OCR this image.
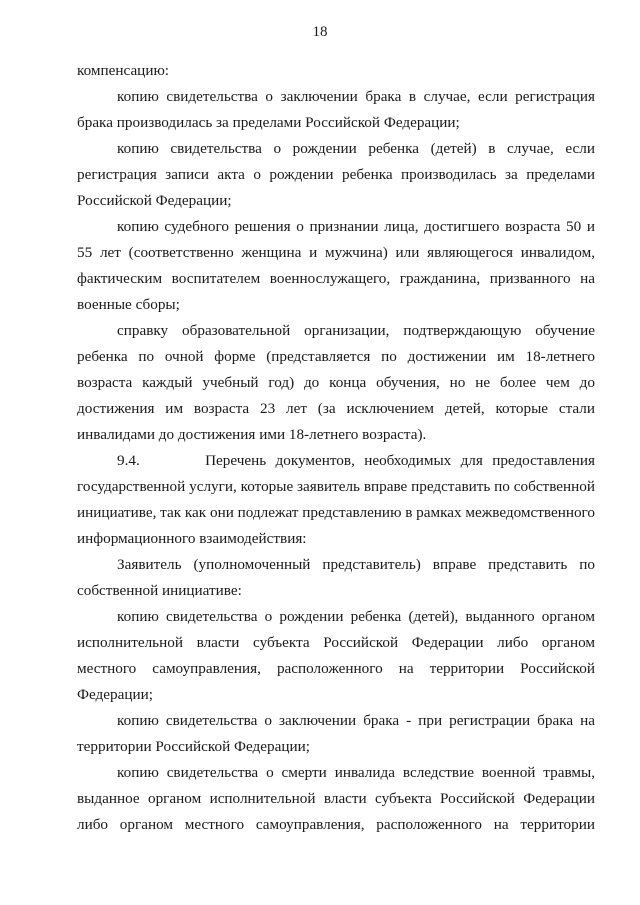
18

компенсацию:

копию свидетельства о заключении брака в случае, если регистрация брака производилась за пределами Российской Федерации;

копию свидетельства о рождении ребенка (детей) в случае, если регистрация записи акта о рождении ребенка производилась за пределами Российской Федерации;

копию судебного решения о признании лица, достигшего возраста 50 и 55 лет (соответственно женщина и мужчина) или являющегося инвалидом, фактическим воспитателем военнослужащего, гражданина, призванного на военные сборы;

справку образовательной организации, подтверждающую обучение ребенка по очной форме (представляется по достижении им 18-летнего возраста каждый учебный год) до конца обучения, но не более чем до достижения им возраста 23 лет (за исключением детей, которые стали инвалидами до достижения ими 18-летнего возраста).

9.4.       Перечень документов, необходимых для предоставления государственной услуги, которые заявитель вправе представить по собственной инициативе, так как они подлежат представлению в рамках межведомственного информационного взаимодействия:

Заявитель (уполномоченный представитель) вправе представить по собственной инициативе:

копию свидетельства о рождении ребенка (детей), выданного органом исполнительной власти субъекта Российской Федерации либо органом местного самоуправления, расположенного на территории Российской Федерации;

копию свидетельства о заключении брака - при регистрации брака на территории Российской Федерации;

копию свидетельства о смерти инвалида вследствие военной травмы, выданное органом исполнительной власти субъекта Российской Федерации либо органом местного самоуправления, расположенного на территории
